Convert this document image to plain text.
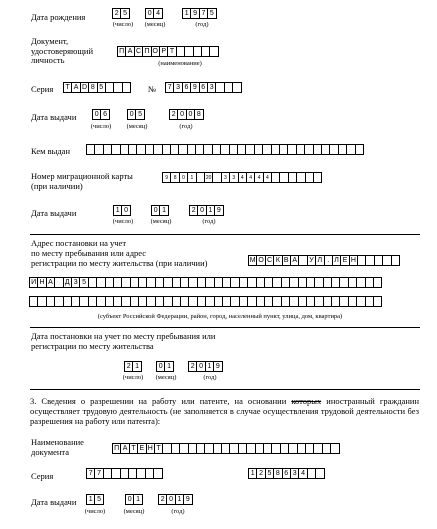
Дата рождения	2 5	0 4	1 9 7 5
(число)	(месяц)	(год)
Документ,
удостоверяющий
личность
П А С П О Р Т
(наименование)
Серия	T A D 8 5	№	7 3 6 9 6 3
Дата выдачи	0 6	0 5	2 0 0 8
(число)	(месяц)	(год)
Кем выдан
Номер миграционной карты
(при наличии)
9	8	0	1	20	3	3	4	4	4	4
Дата выдачи	1 0	0 1	2 0 1 9
(число)	(месяц)	(год)
Адрес постановки на учет
по месту пребывания или адрес
регистрации по месту жительства (при наличии)	М О С К В А	У Л . Л Е Н
И Н А	Д 3 5
(субъект Российской Федерации, район, город, населенный пункт, улица, дом, квартира)
Дата постановки на учет по месту пребывания или
регистрации по месту жительства
2 1	0 1	2 0 1 9
(число)	(месяц)	(год)
3. Сведения о разрешении на работу или патенте, на основании которых иностранный гражданин осуществляет трудовую деятельность (не заполняется в случае осуществления трудовой деятельности без разрешения на работу или патента):
Наименование
документа	П А Т Е Н Т
Серия	7 7	1 2 5 8 6 3 4
Дата выдачи	1 5	0 1	2 0 1 9
(число)	(месяц)	(год)
